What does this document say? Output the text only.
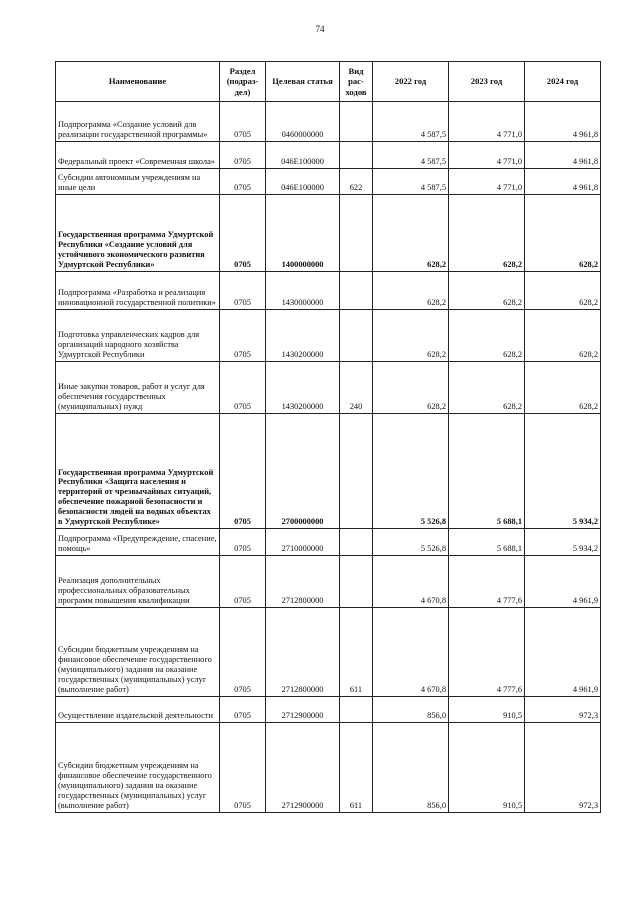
74
Наименование	Раздел (подраз-дел)	Целевая статья	Вид рас-ходов	2022 год	2023 год	2024 год
Подпрограмма «Создание условий для реализации государственной программы»	0705	0460000000		4 587,5	4 771,0	4 961,8
Федеральный проект «Современная школа»	0705	046E100000		4 587,5	4 771,0	4 961,8
Субсидии автономным учреждениям на иные цели	0705	046E100000	622	4 587,5	4 771,0	4 961,8
Государственная программа Удмуртской Республики «Создание условий для устойчивого экономического развития Удмуртской Республики»	0705	1400000000		628,2	628,2	628,2
Подпрограмма «Разработка и реализация инновационной государственной политики»	0705	1430000000		628,2	628,2	628,2
Подготовка управленческих кадров для организаций народного хозяйства Удмуртской Республики	0705	1430200000		628,2	628,2	628,2
Иные закупки товаров, работ и услуг для обеспечения государственных (муниципальных) нужд	0705	1430200000	240	628,2	628,2	628,2
Государственная программа Удмуртской Республики «Защита населения и территорий от чрезвычайных ситуаций, обеспечение пожарной безопасности и безопасности людей на водных объектах в Удмуртской Республике»	0705	2700000000		5 526,8	5 688,1	5 934,2
Подпрограмма «Предупреждение, спасение, помощь»	0705	2710000000		5 526,8	5 688,1	5 934,2
Реализация дополнительных профессиональных образовательных программ повышения квалификации	0705	2712800000		4 670,8	4 777,6	4 961,9
Субсидии бюджетным учреждениям на финансовое обеспечение государственного (муниципального) задания на оказание государственных (муниципальных) услуг (выполнение работ)	0705	2712800000	611	4 670,8	4 777,6	4 961,9
Осуществление издательской деятельности	0705	2712900000		856,0	910,5	972,3
Субсидии бюджетным учреждениям на финансовое обеспечение государственного (муниципального) задания на оказание государственных (муниципальных) услуг (выполнение работ)	0705	2712900000	611	856,0	910,5	972,3
